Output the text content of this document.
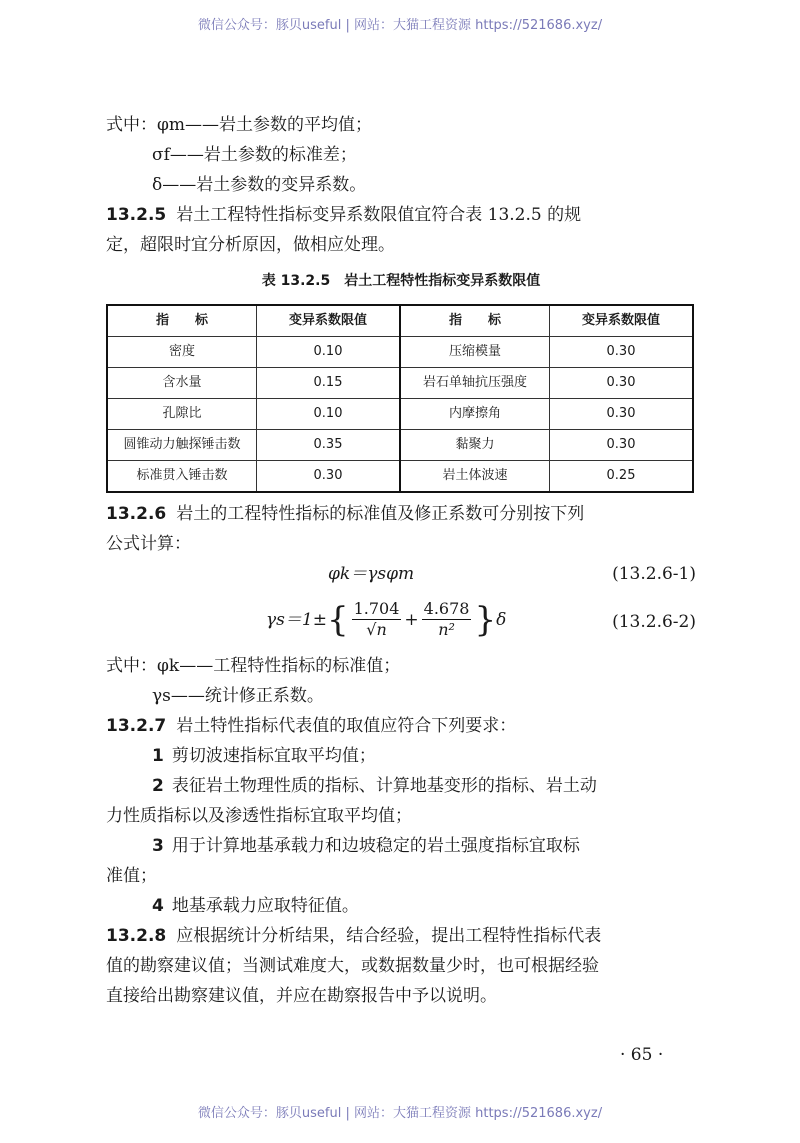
微信公众号：豚贝useful | 网站：大猫工程资源 https://521686.xyz/
式中：φm——岩土参数的平均值；
σf——岩土参数的标准差；
δ——岩土参数的变异系数。
13.2.5 岩土工程特性指标变异系数限值宜符合表 13.2.5 的规
定，超限时宜分析原因，做相应处理。
表 13.2.5　岩土工程特性指标变异系数限值
指　　标	变异系数限值	指　　标	变异系数限值
密度	0.10	压缩模量	0.30
含水量	0.15	岩石单轴抗压强度	0.30
孔隙比	0.10	内摩擦角	0.30
圆锥动力触探锤击数	0.35	黏聚力	0.30
标准贯入锤击数	0.30	岩土体波速	0.25
13.2.6 岩土的工程特性指标的标准值及修正系数可分别按下列
公式计算：
φk＝γsφm	(13.2.6-1)
γs＝1± { $\frac{1.704}{√n} + \frac{4.678}{\text{n²}}$ } δ	(13.2.6-2)
式中：φk——工程特性指标的标准值；
γs——统计修正系数。
13.2.7 岩土特性指标代表值的取值应符合下列要求：
1 剪切波速指标宜取平均值；
2 表征岩土物理性质的指标、计算地基变形的指标、岩土动
力性质指标以及渗透性指标宜取平均值；
3 用于计算地基承载力和边坡稳定的岩土强度指标宜取标
准值；
4 地基承载力应取特征值。
13.2.8 应根据统计分析结果，结合经验，提出工程特性指标代表
值的勘察建议值；当测试难度大，或数据数量少时，也可根据经验
直接给出勘察建议值，并应在勘察报告中予以说明。
· 65 ·
微信公众号：豚贝useful | 网站：大猫工程资源 https://521686.xyz/
